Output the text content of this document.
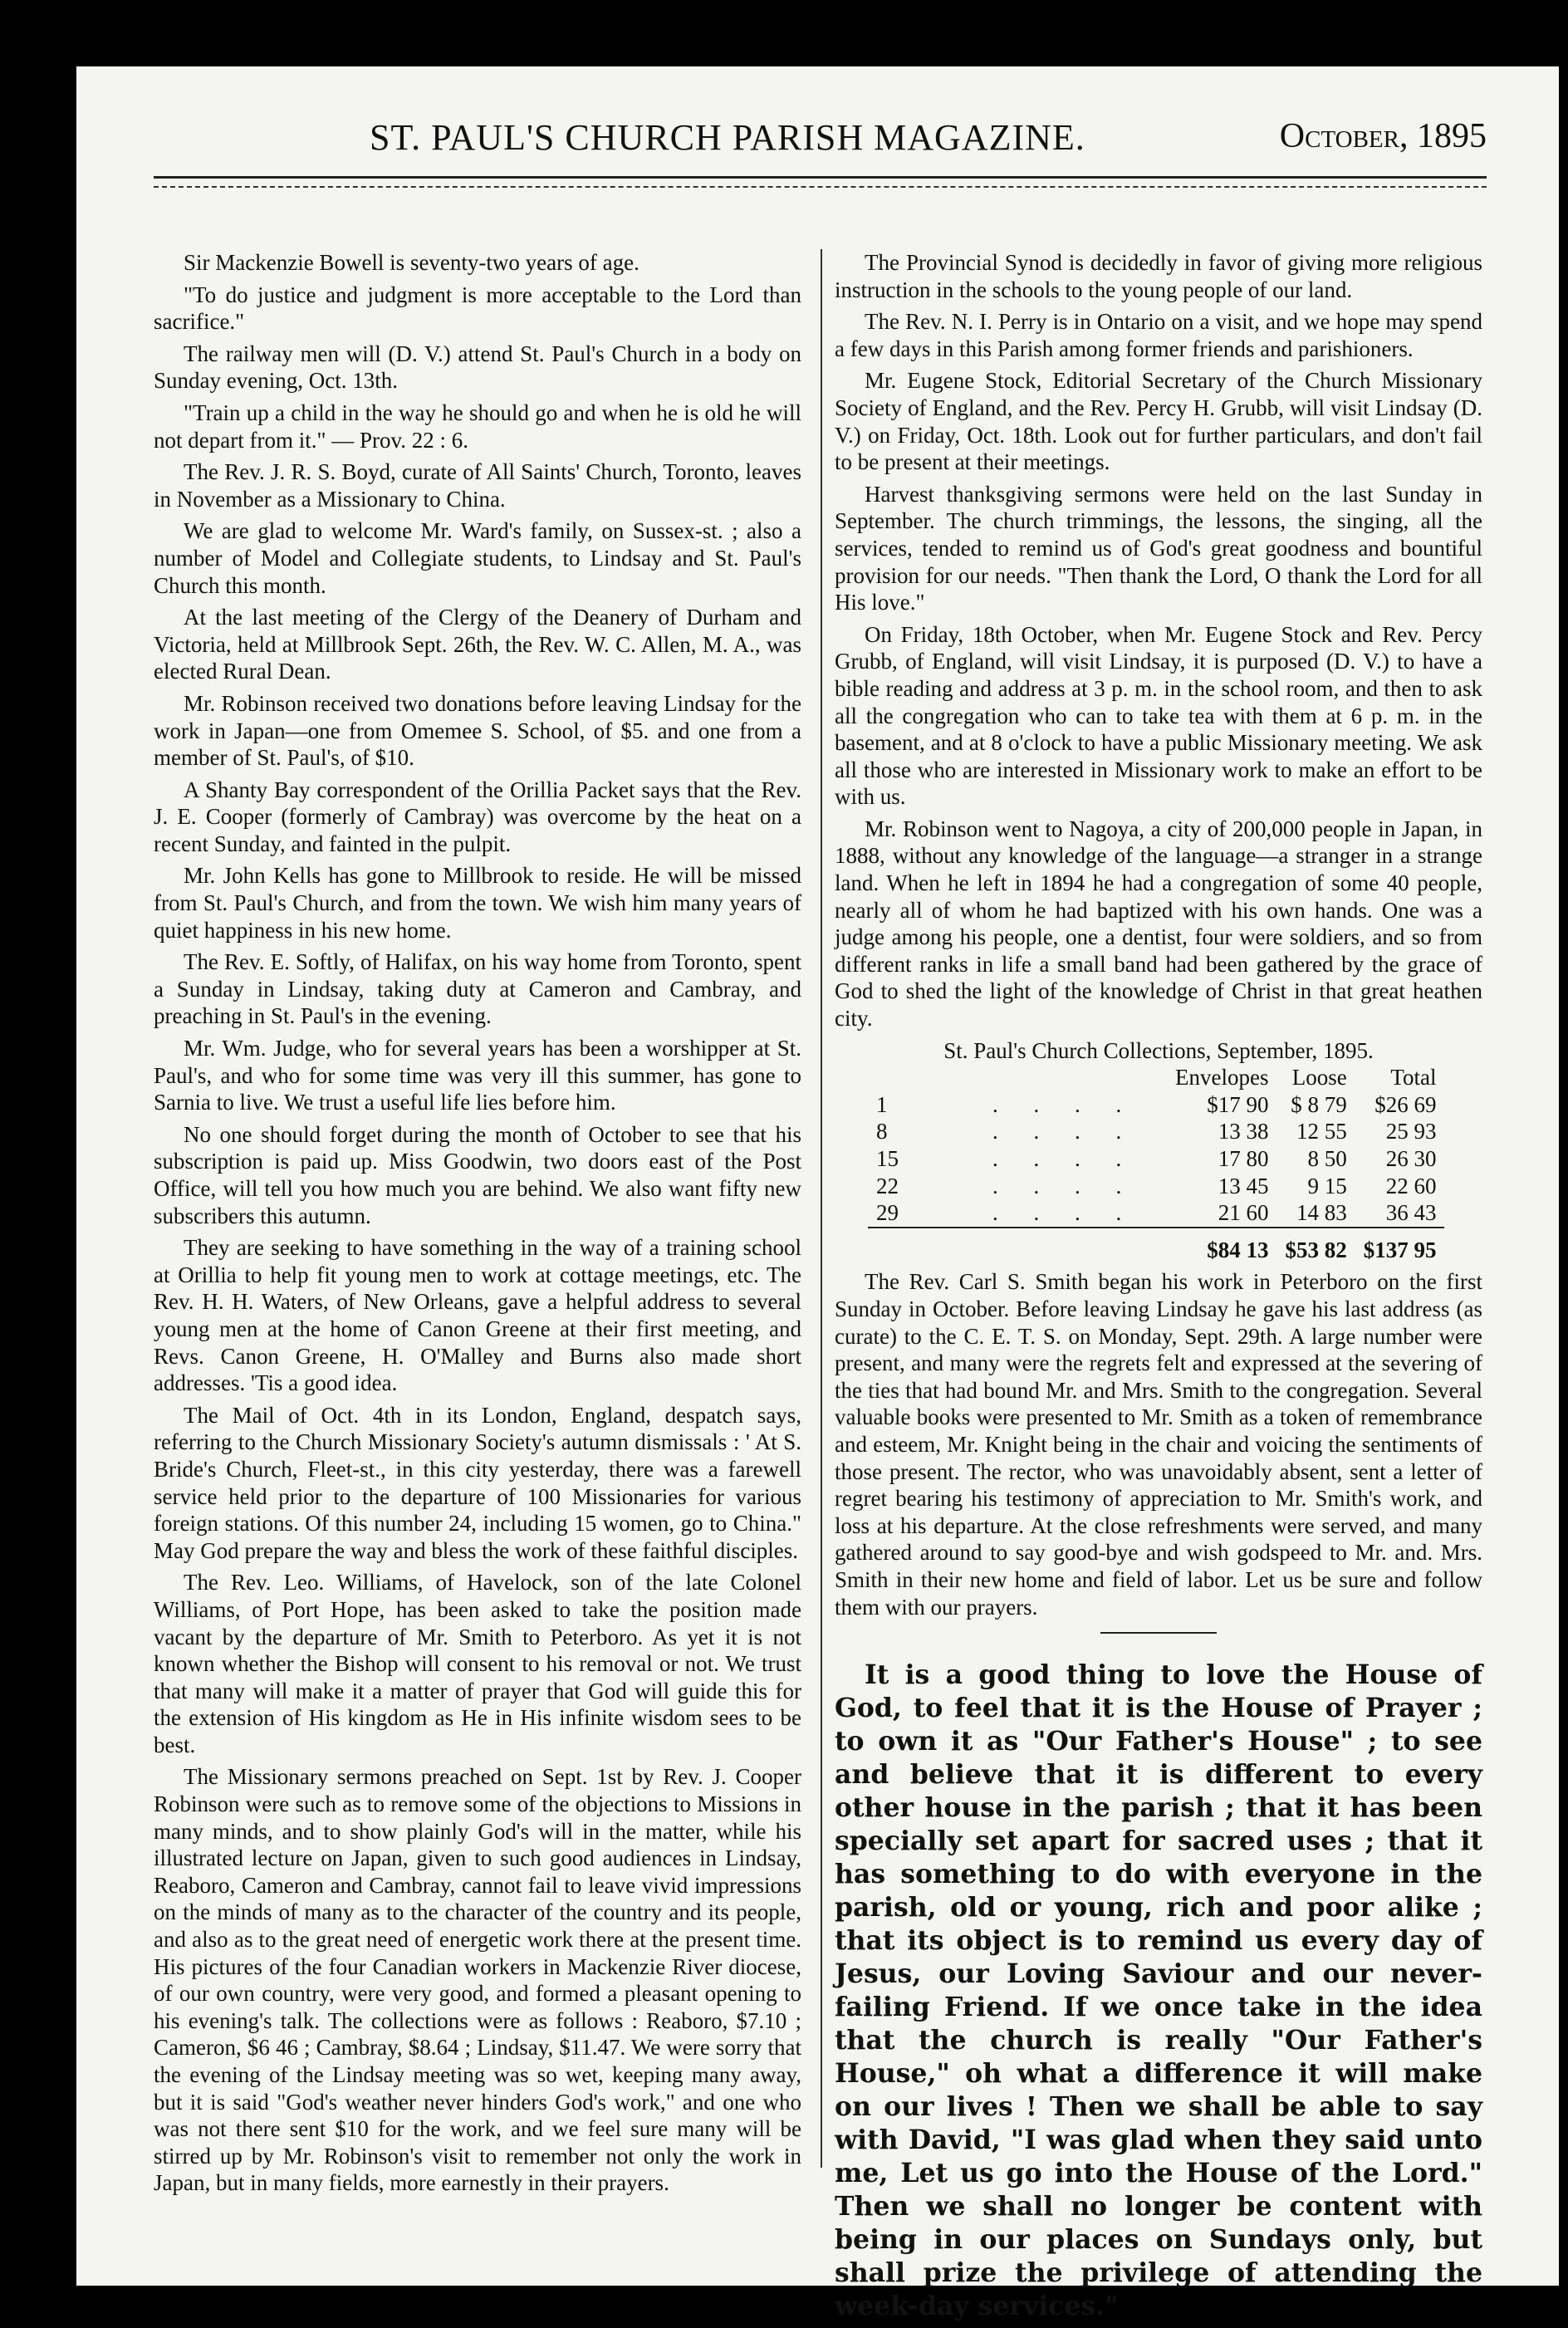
ST. PAUL'S CHURCH PARISH MAGAZINE.	October, 1895

Sir Mackenzie Bowell is seventy-two years of age.

"To do justice and judgment is more acceptable to the Lord than sacrifice."

The railway men will (D. V.) attend St. Paul's Church in a body on Sunday evening, Oct. 13th.

"Train up a child in the way he should go and when he is old he will not depart from it." — Prov. 22 : 6.

The Rev. J. R. S. Boyd, curate of All Saints' Church, Toronto, leaves in November as a Missionary to China.

We are glad to welcome Mr. Ward's family, on Sussex-st. ; also a number of Model and Collegiate students, to Lindsay and St. Paul's Church this month.

At the last meeting of the Clergy of the Deanery of Durham and Victoria, held at Millbrook Sept. 26th, the Rev. W. C. Allen, M. A., was elected Rural Dean.

Mr. Robinson received two donations before leaving Lindsay for the work in Japan—one from Omemee S. School, of $5. and one from a member of St. Paul's, of $10.

A Shanty Bay correspondent of the Orillia Packet says that the Rev. J. E. Cooper (formerly of Cambray) was overcome by the heat on a recent Sunday, and fainted in the pulpit.

Mr. John Kells has gone to Millbrook to reside. He will be missed from St. Paul's Church, and from the town. We wish him many years of quiet happiness in his new home.

The Rev. E. Softly, of Halifax, on his way home from Toronto, spent a Sunday in Lindsay, taking duty at Cameron and Cambray, and preaching in St. Paul's in the evening.

Mr. Wm. Judge, who for several years has been a worshipper at St. Paul's, and who for some time was very ill this summer, has gone to Sarnia to live. We trust a useful life lies before him.

No one should forget during the month of October to see that his subscription is paid up. Miss Goodwin, two doors east of the Post Office, will tell you how much you are behind. We also want fifty new subscribers this autumn.

They are seeking to have something in the way of a training school at Orillia to help fit young men to work at cottage meetings, etc. The Rev. H. H. Waters, of New Orleans, gave a helpful address to several young men at the home of Canon Greene at their first meeting, and Revs. Canon Greene, H. O'Malley and Burns also made short addresses. 'Tis a good idea.

The Mail of Oct. 4th in its London, England, despatch says, referring to the Church Missionary Society's autumn dismissals : ' At S. Bride's Church, Fleet-st., in this city yesterday, there was a farewell service held prior to the departure of 100 Missionaries for various foreign stations. Of this number 24, including 15 women, go to China." May God prepare the way and bless the work of these faithful disciples.

The Rev. Leo. Williams, of Havelock, son of the late Colonel Williams, of Port Hope, has been asked to take the position made vacant by the departure of Mr. Smith to Peterboro. As yet it is not known whether the Bishop will consent to his removal or not. We trust that many will make it a matter of prayer that God will guide this for the extension of His kingdom as He in His infinite wisdom sees to be best.

The Missionary sermons preached on Sept. 1st by Rev. J. Cooper Robinson were such as to remove some of the objections to Missions in many minds, and to show plainly God's will in the matter, while his illustrated lecture on Japan, given to such good audiences in Lindsay, Reaboro, Cameron and Cambray, cannot fail to leave vivid impressions on the minds of many as to the character of the country and its people, and also as to the great need of energetic work there at the present time. His pictures of the four Canadian workers in Mackenzie River diocese, of our own country, were very good, and formed a pleasant opening to his evening's talk. The collections were as follows : Reaboro, $7.10 ; Cameron, $6 46 ; Cambray, $8.64 ; Lindsay, $11.47. We were sorry that the evening of the Lindsay meeting was so wet, keeping many away, but it is said "God's weather never hinders God's work," and one who was not there sent $10 for the work, and we feel sure many will be stirred up by Mr. Robinson's visit to remember not only the work in Japan, but in many fields, more earnestly in their prayers.

The Provincial Synod is decidedly in favor of giving more religious instruction in the schools to the young people of our land.

The Rev. N. I. Perry is in Ontario on a visit, and we hope may spend a few days in this Parish among former friends and parishioners.

Mr. Eugene Stock, Editorial Secretary of the Church Missionary Society of England, and the Rev. Percy H. Grubb, will visit Lindsay (D. V.) on Friday, Oct. 18th. Look out for further particulars, and don't fail to be present at their meetings.

Harvest thanksgiving sermons were held on the last Sunday in September. The church trimmings, the lessons, the singing, all the services, tended to remind us of God's great goodness and bountiful provision for our needs. "Then thank the Lord, O thank the Lord for all His love."

On Friday, 18th October, when Mr. Eugene Stock and Rev. Percy Grubb, of England, will visit Lindsay, it is purposed (D. V.) to have a bible reading and address at 3 p. m. in the school room, and then to ask all the congregation who can to take tea with them at 6 p. m. in the basement, and at 8 o'clock to have a public Missionary meeting. We ask all those who are interested in Missionary work to make an effort to be with us.

Mr. Robinson went to Nagoya, a city of 200,000 people in Japan, in 1888, without any knowledge of the language—a stranger in a strange land. When he left in 1894 he had a congregation of some 40 people, nearly all of whom he had baptized with his own hands. One was a judge among his people, one a dentist, four were soldiers, and so from different ranks in life a small band had been gathered by the grace of God to shed the light of the knowledge of Christ in that great heathen city.

St. Paul's Church Collections, September, 1895.
		Envelopes	Loose	Total
1	. . . .	$17 90	$ 8 79	$26 69
8	. . . .	13 38	12 55	25 93
15	. . . .	17 80	8 50	26 30
22	. . . .	13 45	9 15	22 60
29	. . . .	21 60	14 83	36 43
		$84 13	$53 82	$137 95

The Rev. Carl S. Smith began his work in Peterboro on the first Sunday in October. Before leaving Lindsay he gave his last address (as curate) to the C. E. T. S. on Monday, Sept. 29th. A large number were present, and many were the regrets felt and expressed at the severing of the ties that had bound Mr. and Mrs. Smith to the congregation. Several valuable books were presented to Mr. Smith as a token of remembrance and esteem, Mr. Knight being in the chair and voicing the sentiments of those present. The rector, who was unavoidably absent, sent a letter of regret bearing his testimony of appreciation to Mr. Smith's work, and loss at his departure. At the close refreshments were served, and many gathered around to say good-bye and wish godspeed to Mr. and. Mrs. Smith in their new home and field of labor. Let us be sure and follow them with our prayers.

It is a good thing to love the House of God, to feel that it is the House of Prayer ; to own it as "Our Father's House" ; to see and believe that it is different to every other house in the parish ; that it has been specially set apart for sacred uses ; that it has something to do with everyone in the parish, old or young, rich and poor alike ; that its object is to remind us every day of Jesus, our Loving Saviour and our never-failing Friend. If we once take in the idea that the church is really "Our Father's House," oh what a difference it will make on our lives ! Then we shall be able to say with David, "I was glad when they said unto me, Let us go into the House of the Lord." Then we shall no longer be content with being in our places on Sundays only, but shall prize the privilege of attending the week-day services."
